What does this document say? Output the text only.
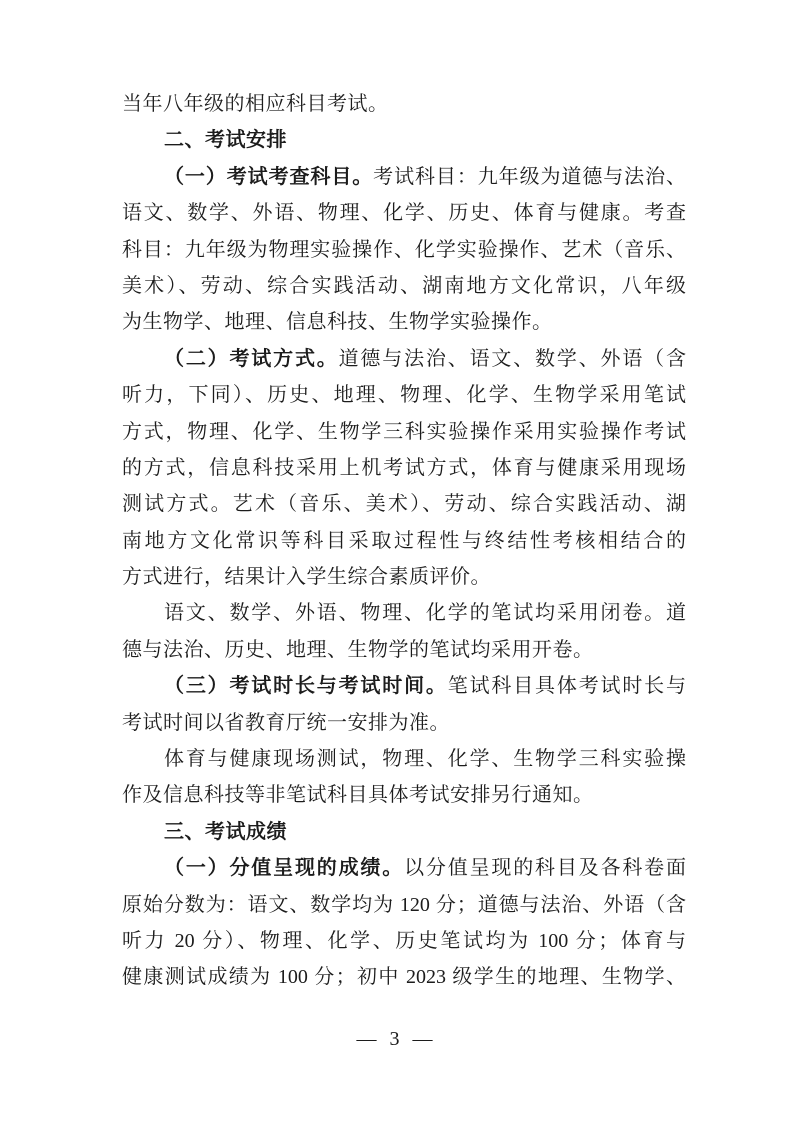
当年八年级的相应科目考试。
二、考试安排
（一）考试考查科目。考试科目：九年级为道德与法治、
语文、数学、外语、物理、化学、历史、体育与健康。考查
科目：九年级为物理实验操作、化学实验操作、艺术（音乐、
美术）、劳动、综合实践活动、湖南地方文化常识，八年级
为生物学、地理、信息科技、生物学实验操作。
（二）考试方式。道德与法治、语文、数学、外语（含
听力，下同）、历史、地理、物理、化学、生物学采用笔试
方式，物理、化学、生物学三科实验操作采用实验操作考试
的方式，信息科技采用上机考试方式，体育与健康采用现场
测试方式。艺术（音乐、美术）、劳动、综合实践活动、湖
南地方文化常识等科目采取过程性与终结性考核相结合的
方式进行，结果计入学生综合素质评价。
语文、数学、外语、物理、化学的笔试均采用闭卷。道
德与法治、历史、地理、生物学的笔试均采用开卷。
（三）考试时长与考试时间。笔试科目具体考试时长与
考试时间以省教育厅统一安排为准。
体育与健康现场测试，物理、化学、生物学三科实验操
作及信息科技等非笔试科目具体考试安排另行通知。
三、考试成绩
（一）分值呈现的成绩。以分值呈现的科目及各科卷面
原始分数为：语文、数学均为 120 分；道德与法治、外语（含
听力 20 分）、物理、化学、历史笔试均为 100 分；体育与
健康测试成绩为 100 分；初中 2023 级学生的地理、生物学、
— 3 —
